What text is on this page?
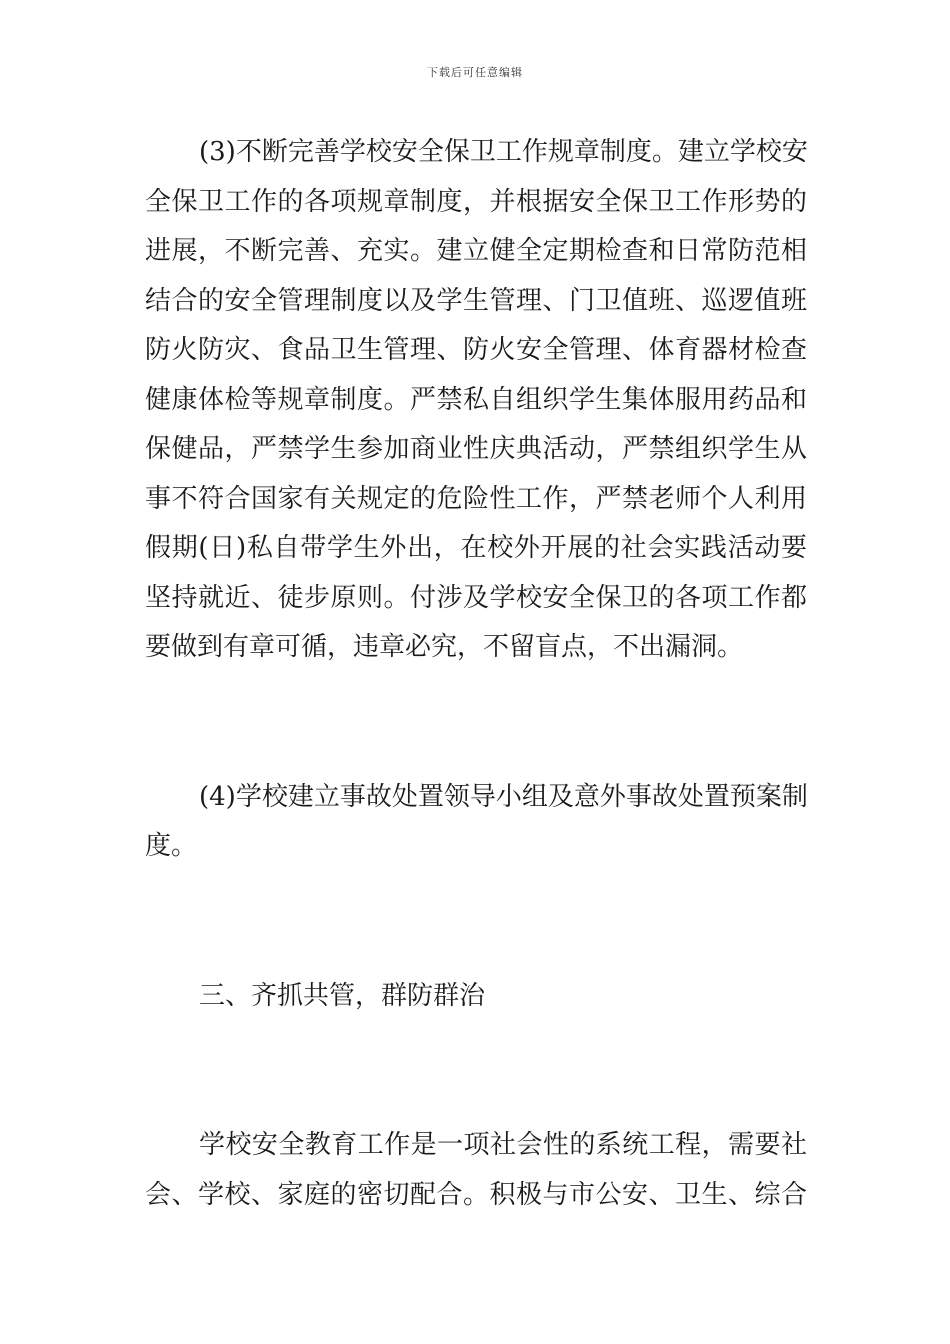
下载后可任意编辑
(3)不断完善学校安全保卫工作规章制度。建立学校安
全保卫工作的各项规章制度，并根据安全保卫工作形势的
进展，不断完善、充实。建立健全定期检查和日常防范相
结合的安全管理制度以及学生管理、门卫值班、巡逻值班
防火防灾、食品卫生管理、防火安全管理、体育器材检查
健康体检等规章制度。严禁私自组织学生集体服用药品和
保健品，严禁学生参加商业性庆典活动，严禁组织学生从
事不符合国家有关规定的危险性工作，严禁老师个人利用
假期(日)私自带学生外出，在校外开展的社会实践活动要
坚持就近、徒步原则。付涉及学校安全保卫的各项工作都
要做到有章可循，违章必究，不留盲点，不出漏洞。
(4)学校建立事故处置领导小组及意外事故处置预案制
度。
三、齐抓共管，群防群治
学校安全教育工作是一项社会性的系统工程，需要社
会、学校、家庭的密切配合。积极与市公安、卫生、综合
